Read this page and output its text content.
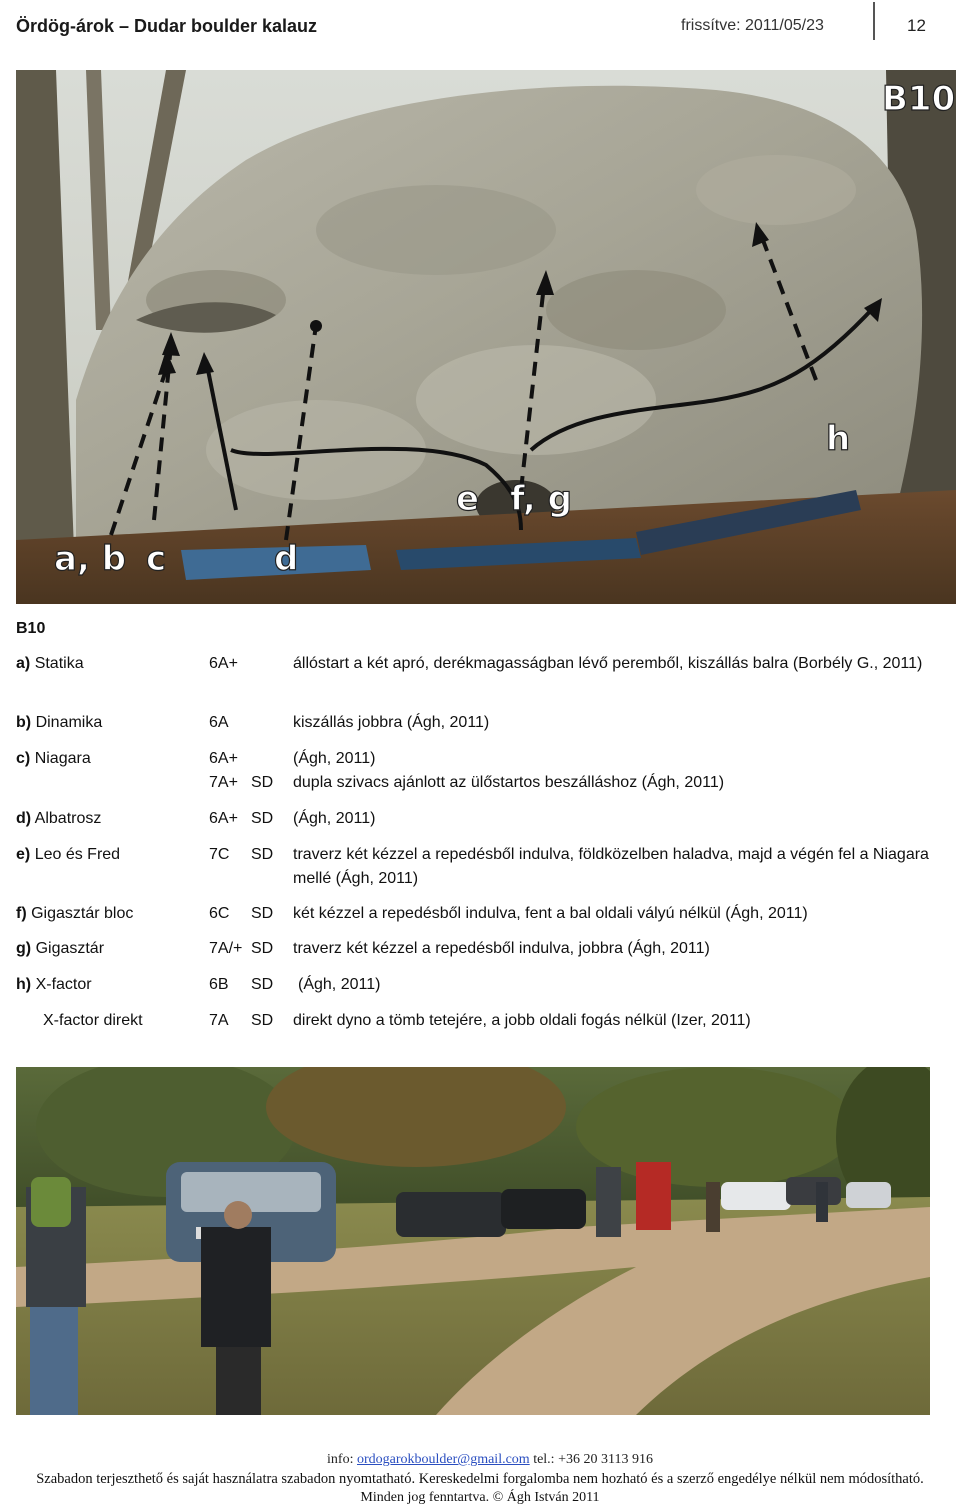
Ördög-árok – Dudar boulder kalauz	frissítve: 2011/05/23	12
B10
a, b c	d
e f, g
h
B10
a) Statika	6A+	állóstart a két apró, derékmagasságban lévő peremből, kiszállás balra (Borbély G., 2011)
b) Dinamika	6A	kiszállás jobbra (Ágh, 2011)
c) Niagara	6A+	(Ágh, 2011)
7A+ SD dupla szivacs ajánlott az ülőstartos beszálláshoz (Ágh, 2011)
d) Albatrosz	6A+ SD (Ágh, 2011)
e) Leo és Fred	7C SD traverz két kézzel a repedésből indulva, földközelben haladva, majd a végén fel a Niagara mellé (Ágh, 2011)
f) Gigasztár bloc	6C SD két kézzel a repedésből indulva, fent a bal oldali vályú nélkül (Ágh, 2011)
g) Gigasztár	7A/+ SD traverz két kézzel a repedésből indulva, jobbra (Ágh, 2011)
h) X-factor	6B SD (Ágh, 2011)
X-factor direkt	7A SD direkt dyno a tömb tetejére, a jobb oldali fogás nélkül (Izer, 2011)
info: ordogarokboulder@gmail.com tel.: +36 20 3113 916
Szabadon terjeszthető és saját használatra szabadon nyomtatható. Kereskedelmi forgalomba nem hozható és a szerző engedélye nélkül nem módosítható.
Minden jog fenntartva. © Ágh István 2011
